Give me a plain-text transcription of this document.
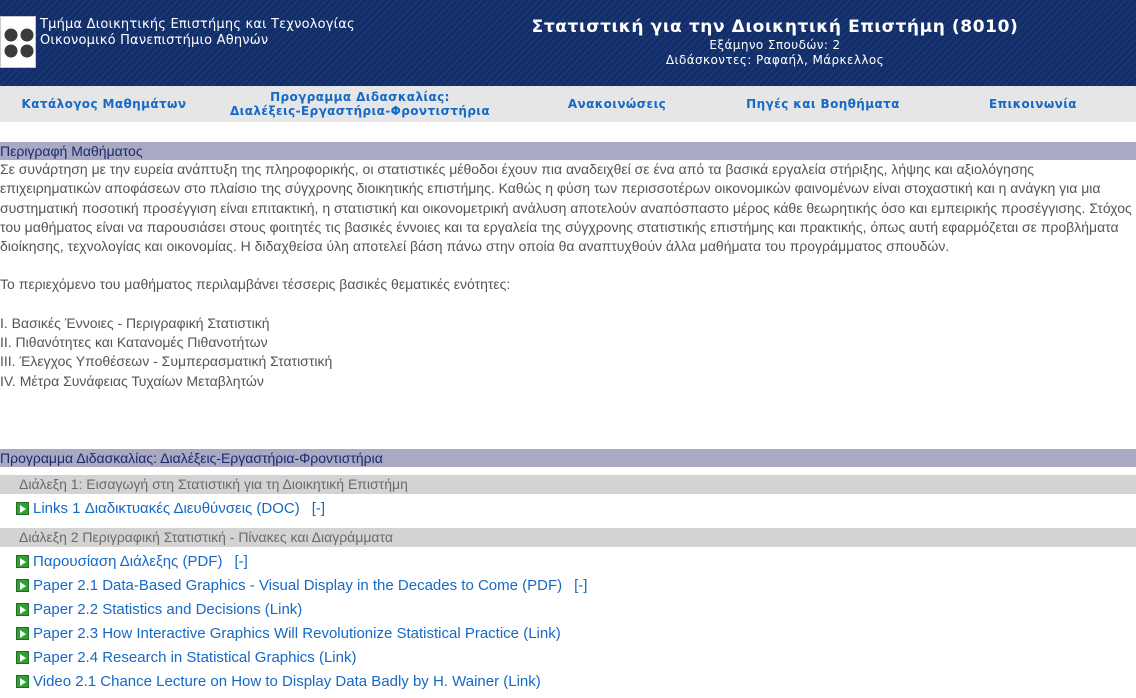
Τμήμα Διοικητικής Επιστήμης και Τεχνολογίας
Οικονομικό Πανεπιστήμιο Αθηνών
Στατιστική για την Διοικητική Επιστήμη (8010)
Εξάμηνο Σπουδών: 2
Διδάσκοντες: Ραφαήλ, Μάρκελλος
Κατάλογος Μαθημάτων	Προγραμμα Διδασκαλίας:
Διαλέξεις-Εργαστήρια-Φροντιστήρια	Ανακοινώσεις	Πηγές και Βοηθήματα	Επικοινωνία
Περιγραφή Μαθήματος

Σε συνάρτηση με την ευρεία ανάπτυξη της πληροφορικής, οι στατιστικές μέθοδοι έχουν πια αναδειχθεί σε ένα από τα βασικά εργαλεία στήριξης, λήψης και αξιολόγησης επιχειρηματικών αποφάσεων στο πλαίσιο της σύγχρονης διοικητικής επιστήμης. Καθώς η φύση των περισσοτέρων οικονομικών φαινομένων είναι στοχαστική και η ανάγκη για μια συστηματική ποσοτική προσέγγιση είναι επιτακτική, η στατιστική και οικονομετρική ανάλυση αποτελούν αναπόσπαστο μέρος κάθε θεωρητικής όσο και εμπειρικής προσέγγισης. Στόχος του μαθήματος είναι να παρουσιάσει στους φοιτητές τις βασικές έννοιες και τα εργαλεία της σύγχρονης στατιστικής επιστήμης και πρακτικής, όπως αυτή εφαρμόζεται σε προβλήματα διοίκησης, τεχνολογίας και οικονομίας. Η διδαχθείσα ύλη αποτελεί βάση πάνω στην οποία θα αναπτυχθούν άλλα μαθήματα του προγράμματος σπουδών.

Το περιεχόμενο του μαθήματος περιλαμβάνει τέσσερις βασικές θεματικές ενότητες:

I. Βασικές Έννοιες - Περιγραφική Στατιστική

II. Πιθανότητες και Κατανομές Πιθανοτήτων

III. Έλεγχος Υποθέσεων - Συμπερασματική Στατιστική

IV. Μέτρα Συνάφειας Τυχαίων Μεταβλητών

Προγραμμα Διδασκαλίας: Διαλέξεις-Εργαστήρια-Φροντιστήρια
Διάλεξη 1: Εισαγωγή στη Στατιστική για τη Διοικητική Επιστήμη
Links 1 Διαδικτυακές Διευθύνσεις (DOC) [-]
Διάλεξη 2 Περιγραφική Στατιστική - Πίνακες και Διαγράμματα
Παρουσίαση Διάλεξης (PDF) [-]
Paper 2.1 Data-Based Graphics - Visual Display in the Decades to Come (PDF) [-]
Paper 2.2 Statistics and Decisions (Link)
Paper 2.3 How Interactive Graphics Will Revolutionize Statistical Practice (Link)
Paper 2.4 Research in Statistical Graphics (Link)
Video 2.1 Chance Lecture on How to Display Data Badly by H. Wainer (Link)
